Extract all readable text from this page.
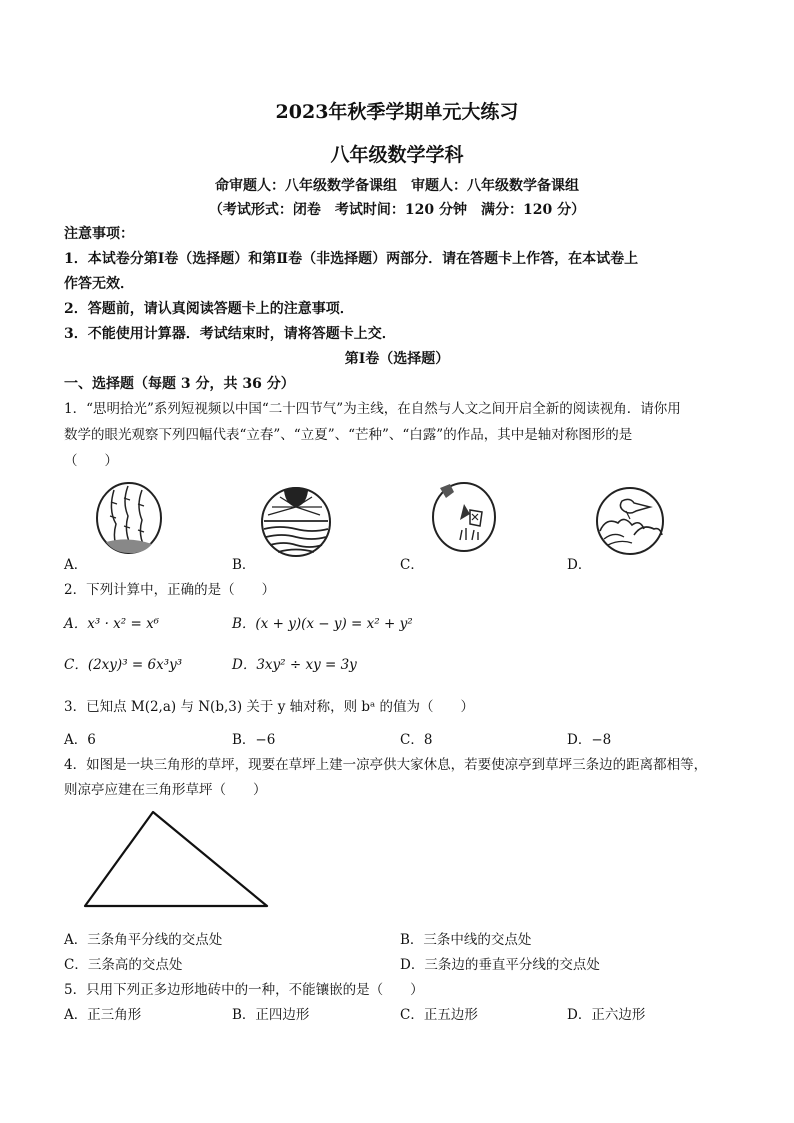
2023年秋季学期单元大练习
八年级数学学科
命审题人：八年级数学备课组　审题人：八年级数学备课组
（考试形式：闭卷　考试时间：120 分钟　满分：120 分）
注意事项：
1．本试卷分第Ⅰ卷（选择题）和第Ⅱ卷（非选择题）两部分．请在答题卡上作答，在本试卷上
作答无效．
2．答题前，请认真阅读答题卡上的注意事项．
3．不能使用计算器．考试结束时，请将答题卡上交．
第Ⅰ卷（选择题）
一、选择题（每题 3 分，共 36 分）
1．“思明拾光”系列短视频以中国“二十四节气”为主线，在自然与人文之间开启全新的阅读视角．请你用
数学的眼光观察下列四幅代表“立春”、“立夏”、“芒种”、“白露”的作品，其中是轴对称图形的是
（　　）
A．	B．	C．	D．
2．下列计算中，正确的是（　　）
A．x³ · x² = x⁶	B．(x + y)(x − y) = x² + y²
C．(2xy)³ = 6x³y³	D．3xy² ÷ xy = 3y
3．已知点 M(2,a) 与 N(b,3) 关于 y 轴对称，则 bᵃ 的值为（　　）
A．6	B．−6	C．8	D．−8
4．如图是一块三角形的草坪，现要在草坪上建一凉亭供大家休息，若要使凉亭到草坪三条边的距离都相等，
则凉亭应建在三角形草坪（　　）
A．三条角平分线的交点处	B．三条中线的交点处
C．三条高的交点处	D．三条边的垂直平分线的交点处
5．只用下列正多边形地砖中的一种，不能镶嵌的是（　　）
A．正三角形	B．正四边形	C．正五边形	D．正六边形
